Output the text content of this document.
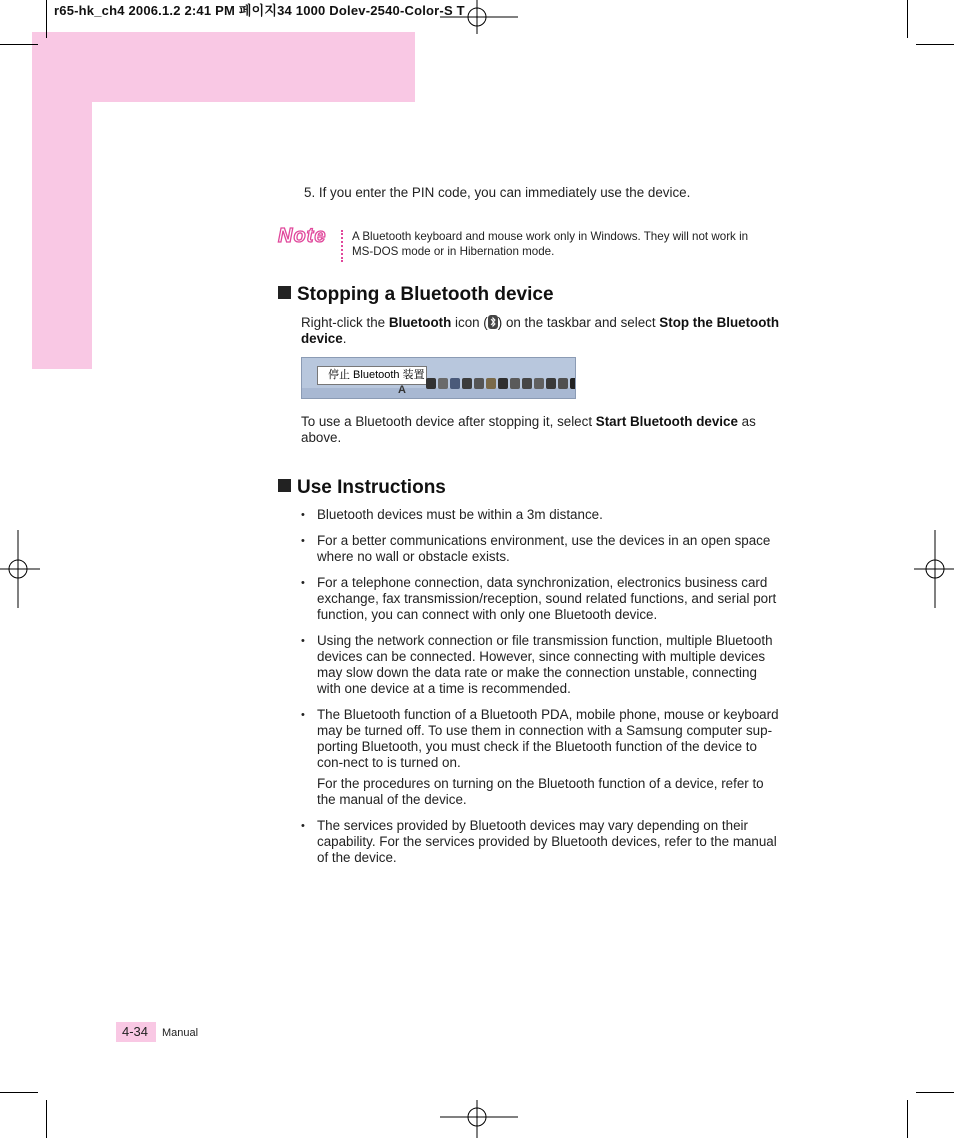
r65-hk_ch4 2006.1.2 2:41 PM 페이지34 1000 Dolev-2540-Color-S T
5. If you enter the PIN code, you can immediately use the device.
Note A Bluetooth keyboard and mouse work only in Windows. They will not work in
MS-DOS mode or in Hibernation mode.
Stopping a Bluetooth device
Right-click the Bluetooth icon ( ) on the taskbar and select Stop the Bluetooth
device.
停止 Bluetooth 装置
A
To use a Bluetooth device after stopping it, select Start Bluetooth device as
above.
Use Instructions
• Bluetooth devices must be within a 3m distance.
• For a better communications environment, use the devices in an open space where no wall or obstacle exists.
• For a telephone connection, data synchronization, electronics business card exchange, fax transmission/reception, sound related functions, and serial port function, you can connect with only one Bluetooth device.
• Using the network connection or file transmission function, multiple Bluetooth devices can be connected. However, since connecting with multiple devices may slow down the data rate or make the connection unstable, connecting with one device at a time is recommended.
• The Bluetooth function of a Bluetooth PDA, mobile phone, mouse or keyboard may be turned off. To use them in connection with a Samsung computer sup-porting Bluetooth, you must check if the Bluetooth function of the device to con-nect to is turned on.
For the procedures on turning on the Bluetooth function of a device, refer to the manual of the device.
• The services provided by Bluetooth devices may vary depending on their capability. For the services provided by Bluetooth devices, refer to the manual of the device.
4-34 Manual
